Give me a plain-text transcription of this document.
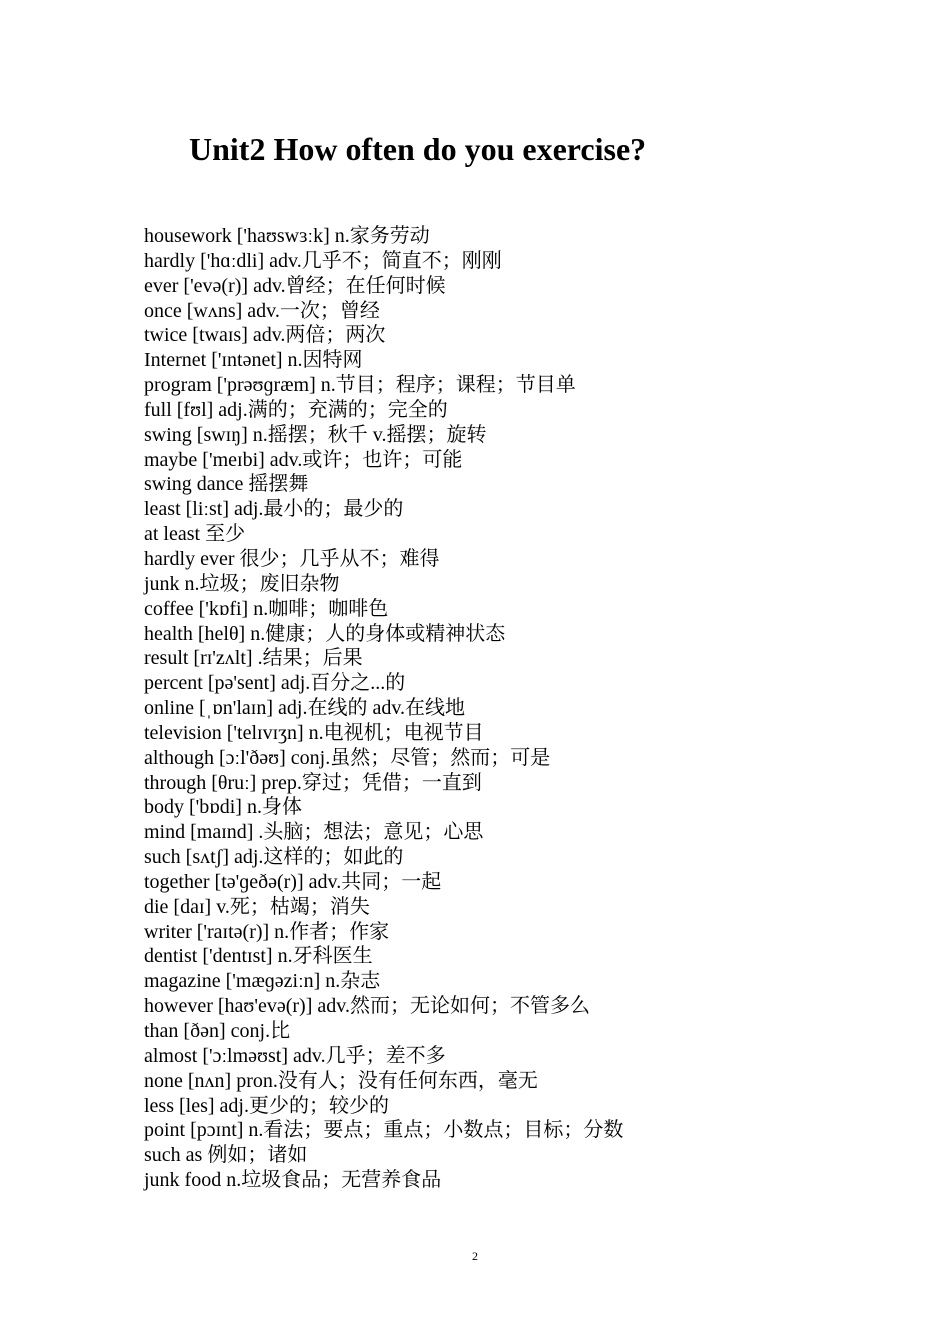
Unit2 How often do you exercise?
housework ['haʊswɜːk] n.家务劳动
hardly ['hɑːdli] adv.几乎不；简直不；刚刚
ever ['evə(r)] adv.曾经；在任何时候
once [wʌns] adv.一次；曾经
twice [twaɪs] adv.两倍；两次
Internet ['ɪntənet] n.因特网
program ['prəʊɡræm] n.节目；程序；课程；节目单
full [fʊl] adj.满的；充满的；完全的
swing [swɪŋ] n.摇摆；秋千 v.摇摆；旋转
maybe ['meɪbi] adv.或许；也许；可能
swing dance 摇摆舞
least [liːst] adj.最小的；最少的
at least 至少
hardly ever 很少；几乎从不；难得
junk n.垃圾；废旧杂物
coffee ['kɒfi] n.咖啡；咖啡色
health [helθ] n.健康；人的身体或精神状态
result [rɪ'zʌlt] .结果；后果
percent [pə'sent] adj.百分之...的
online [ˌɒn'laɪn] adj.在线的 adv.在线地
television ['telɪvɪʒn] n.电视机；电视节目
although [ɔːl'ðəʊ] conj.虽然；尽管；然而；可是
through [θruː] prep.穿过；凭借；一直到
body ['bɒdi] n.身体
mind [maɪnd] .头脑；想法；意见；心思
such [sʌtʃ] adj.这样的；如此的
together [tə'ɡeðə(r)] adv.共同；一起
die [daɪ] v.死；枯竭；消失
writer ['raɪtə(r)] n.作者；作家
dentist ['dentɪst] n.牙科医生
magazine ['mæɡəziːn] n.杂志
however [haʊ'evə(r)] adv.然而；无论如何；不管多么
than [ðən] conj.比
almost ['ɔːlməʊst] adv.几乎；差不多
none [nʌn] pron.没有人；没有任何东西，毫无
less [les] adj.更少的；较少的
point [pɔɪnt] n.看法；要点；重点；小数点；目标；分数
such as 例如；诸如
junk food n.垃圾食品；无营养食品
2
